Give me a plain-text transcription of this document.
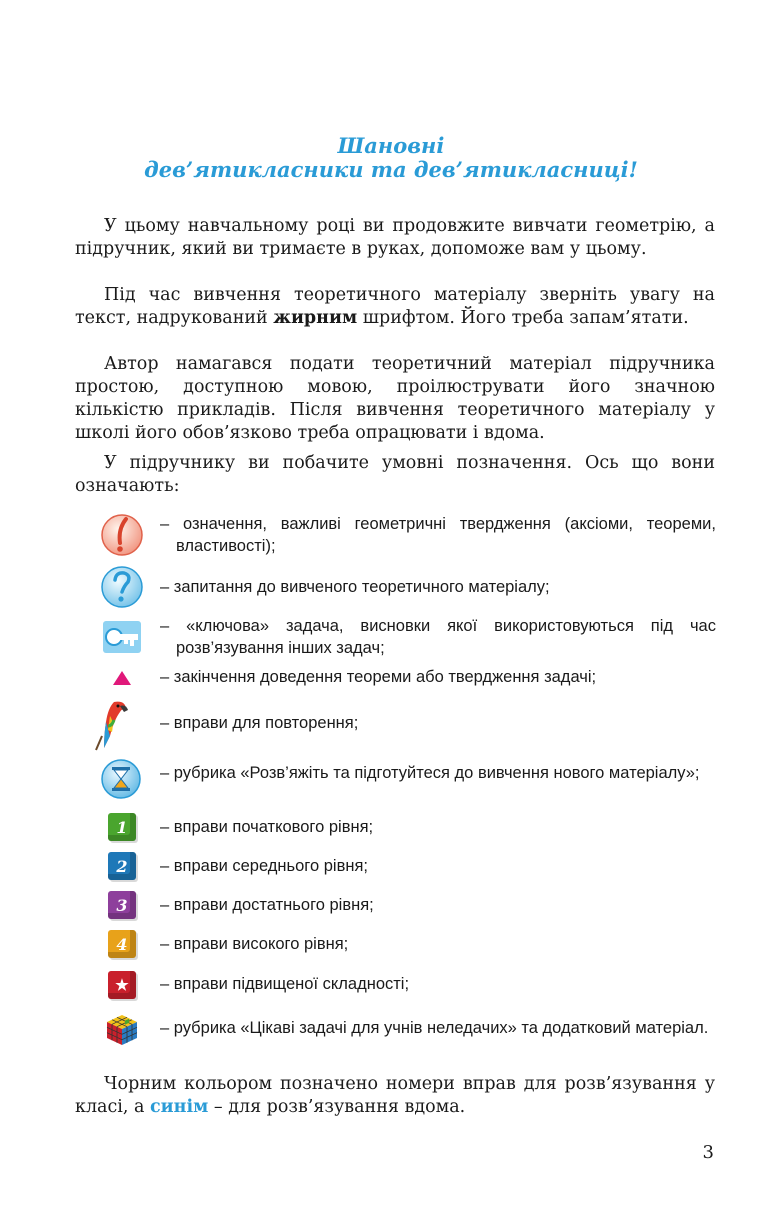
Шановні
дев’ятикласники та дев’ятикласниці!
У цьому навчальному році ви продовжите вивчати геометрію, а підручник, який ви тримаєте в руках, допоможе вам у цьому.
Під час вивчення теоретичного матеріалу зверніть увагу на текст, надрукований жирним шрифтом. Його треба запам’ятати.
Автор намагався подати теоретичний матеріал підручника простою, доступною мовою, проілюструвати його значною кількістю прикладів. Після вивчення теоретичного матеріалу у школі його обов’язково треба опрацювати і вдома.
У підручнику ви побачите умовні позначення. Ось що вони означають:
– означення, важливі геометричні твердження (аксіоми, теореми, властивості);
– запитання до вивченого теоретичного матеріалу;
– «ключова» задача, висновки якої використовуються під час розв’язування інших задач;
– закінчення доведення теореми або твердження задачі;
– вправи для повторення;
– рубрика «Розв’яжіть та підготуйтеся до вивчення нового матеріалу»;
1	– вправи початкового рівня;
2	– вправи середнього рівня;
3	– вправи достатнього рівня;
4	– вправи високого рівня;
★	– вправи підвищеної складності;
– рубрика «Цікаві задачі для учнів неледачих» та додатковий матеріал.
Чорним кольором позначено номери вправ для розв’язування у класі, а синім – для розв’язування вдома.
3
